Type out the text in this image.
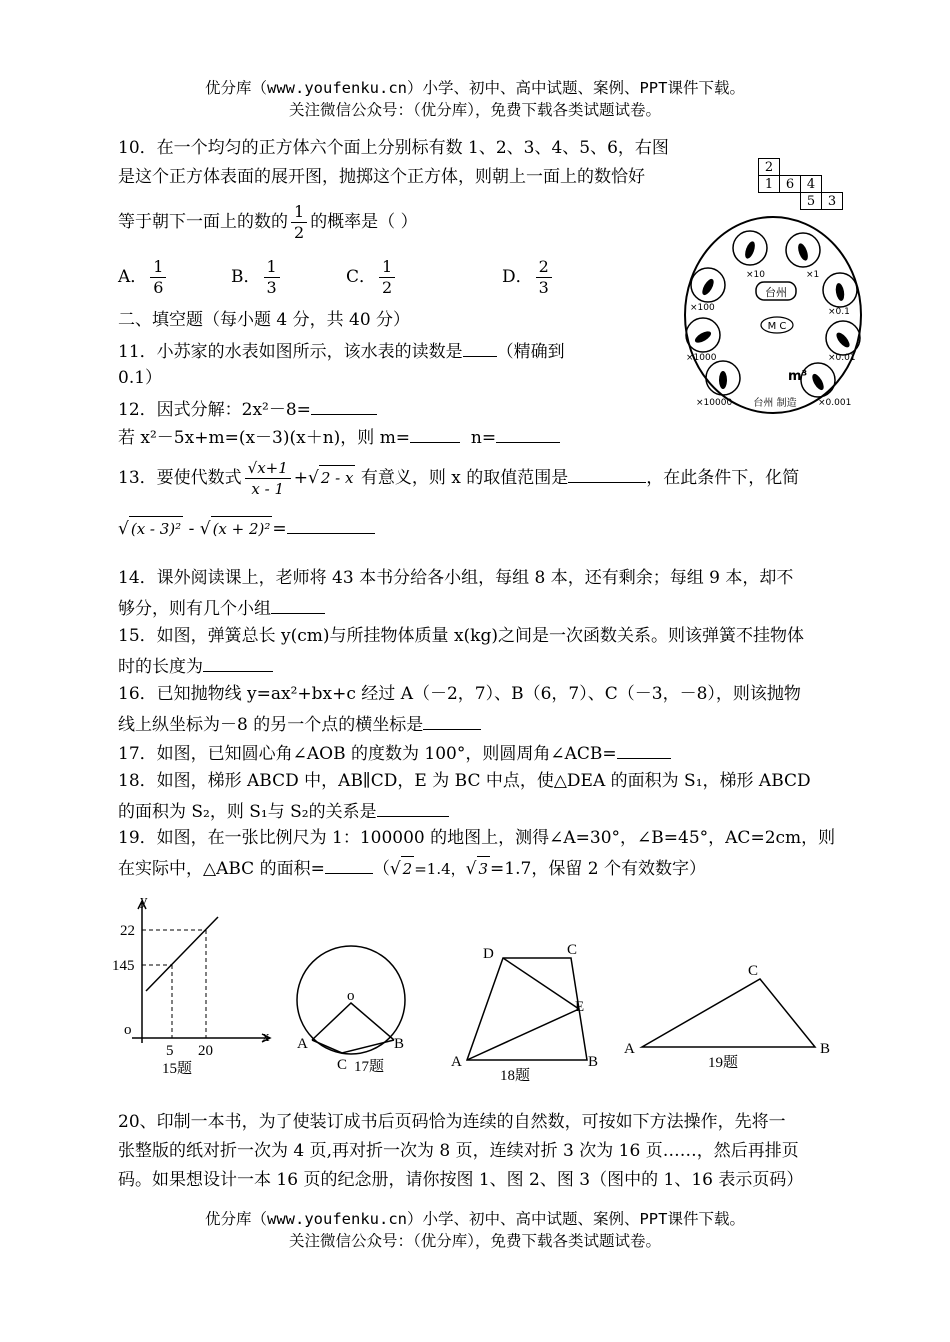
优分库（www.youfenku.cn）小学、初中、高中试题、案例、PPT课件下载。
关注微信公众号：（优分库），免费下载各类试题试卷。
10．在一个均匀的正方体六个面上分别标有数 1、2、3、4、5、6，右图
是这个正方体表面的展开图，抛掷这个正方体，则朝上一面上的数恰好
等于朝下一面上的数的 $\frac{1}{2}$ 的概率是（ ）
2			
1	6	4	
		5	3
A． $\frac{1}{6}$	B． $\frac{1}{3}$	C． $\frac{1}{2}$	D． $\frac{2}{3}$	台州
M C
m³
台州 制造
×1
×0.1
×0.01
×0.001
×10000
×1000
×100
×10
二、填空题（每小题 4 分，共 40 分）
11．小苏家的水表如图所示，该水表的读数是 （精确到
0.1）
12．因式分解：2x²－8=
若 x²－5x+m=(x－3)(x＋n)，则 m=	n=
13．要使代数式 $\frac{√x+1}{x - 1}$ +√ 2 - x 有意义，则 x 的取值范围是	，在此条件下，化简
√ (x - 3)² - √ (x + 2)² =
14．课外阅读课上，老师将 43 本书分给各小组，每组 8 本，还有剩余；每组 9 本，却不
够分，则有几个小组
15．如图，弹簧总长 y(cm)与所挂物体质量 x(kg)之间是一次函数关系。则该弹簧不挂物体
时的长度为
16．已知抛物线 y=ax²+bx+c 经过 A（－2，7）、B（6，7）、C（－3，－8），则该抛物
线上纵坐标为－8 的另一个点的横坐标是
17．如图，已知圆心角∠AOB 的度数为 100°，则圆周角∠ACB=
18．如图，梯形 ABCD 中，AB∥CD，E 为 BC 中点，使△DEA 的面积为 S₁，梯形 ABCD
的面积为 S₂，则 S₁与 S₂的关系是
19．如图，在一张比例尺为 1：100000 的地图上，测得∠A=30°，∠B=45°，AC=2cm，则
在实际中，△ABC 的面积=	（√ 2 =1.4，√ 3 =1.7，保留 2 个有效数字）
y
x
o
22
145
5 20
15题
o
A	B
C 17题
D	C
E
A	B
18题
A	B
C
19题
20、印制一本书，为了使装订成书后页码恰为连续的自然数，可按如下方法操作，先将一
张整版的纸对折一次为 4 页,再对折一次为 8 页，连续对折 3 次为 16 页……，然后再排页
码。如果想设计一本 16 页的纪念册，请你按图 1、图 2、图 3（图中的 1、16 表示页码）
优分库（www.youfenku.cn）小学、初中、高中试题、案例、PPT课件下载。
关注微信公众号：（优分库），免费下载各类试题试卷。
